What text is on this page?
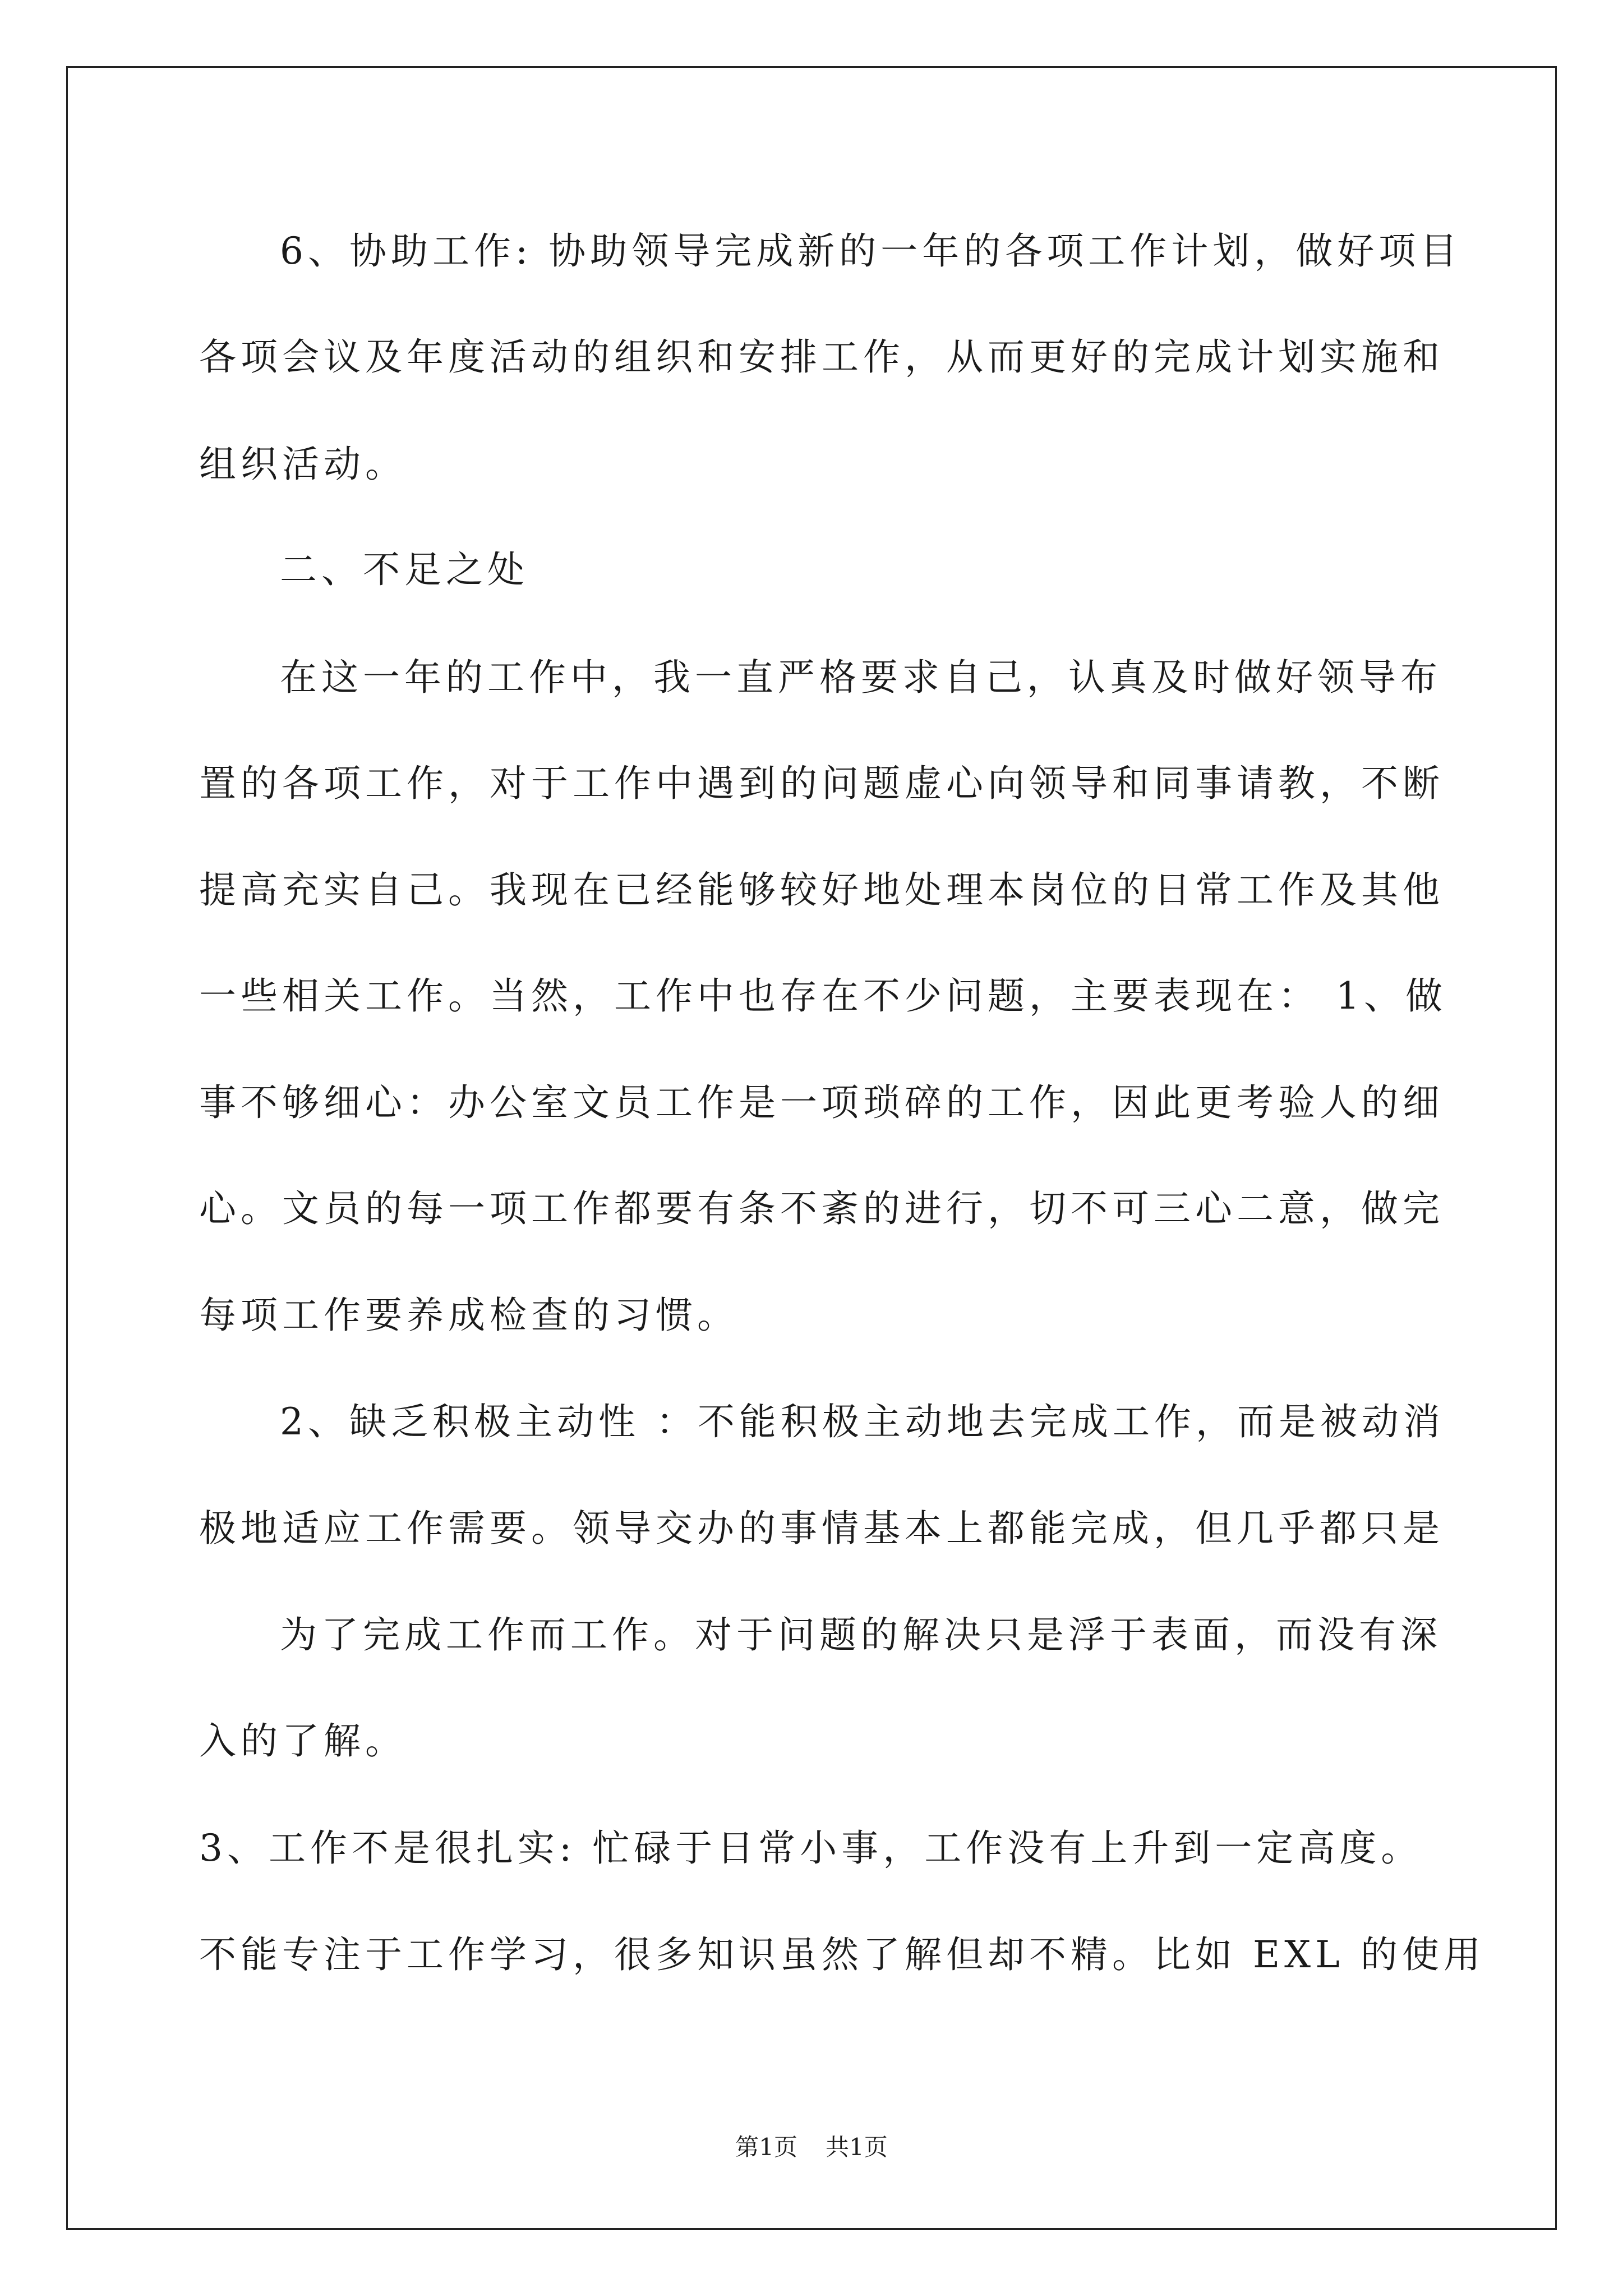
6、协助工作: 协助领导完成新的一年的各项工作计划，做好项目
各项会议及年度活动的组织和安排工作，从而更好的完成计划实施和
组织活动。
二、不足之处
在这一年的工作中，我一直严格要求自己，认真及时做好领导布
置的各项工作，对于工作中遇到的问题虚心向领导和同事请教，不断
提高充实自己。我现在已经能够较好地处理本岗位的日常工作及其他
一些相关工作。当然，工作中也存在不少问题，主要表现在： 1、做
事不够细心：办公室文员工作是一项琐碎的工作，因此更考验人的细
心。文员的每一项工作都要有条不紊的进行，切不可三心二意，做完
每项工作要养成检查的习惯。
2、缺乏积极主动性 ：不能积极主动地去完成工作，而是被动消
极地适应工作需要。领导交办的事情基本上都能完成，但几乎都只是
为了完成工作而工作。对于问题的解决只是浮于表面，而没有深
入的了解。
3、工作不是很扎实: 忙碌于日常小事，工作没有上升到一定高度。
不能专注于工作学习，很多知识虽然了解但却不精。比如 EXL 的使用
第1页 共1页
